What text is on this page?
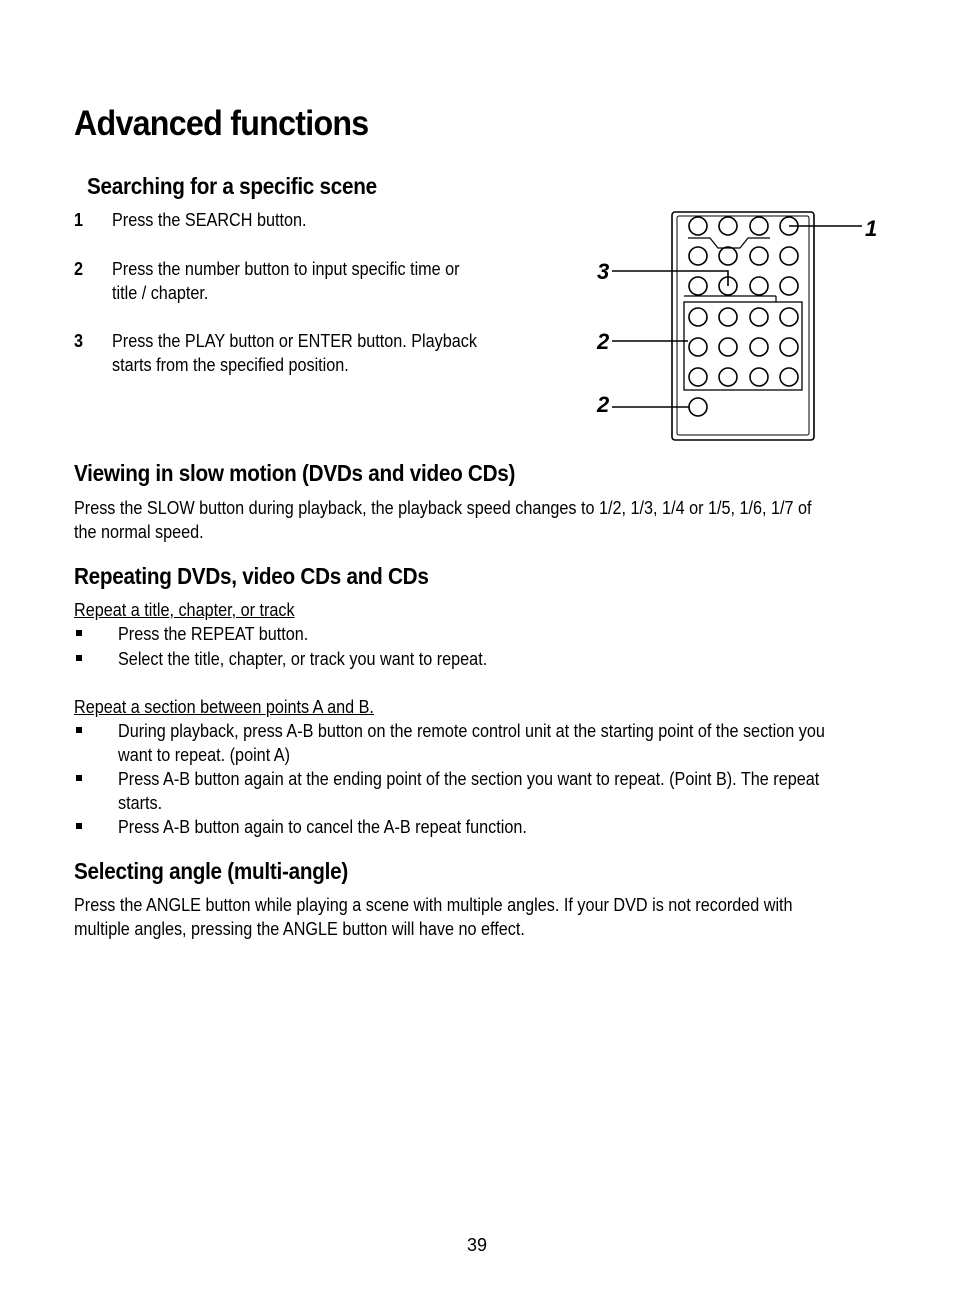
Advanced functions
Searching for a specific scene
1 Press the SEARCH button.
2 Press the number button to input specific time or
title / chapter.
3 Press the PLAY button or ENTER button. Playback
starts from the specified position.
1
3
2
2
Viewing in slow motion (DVDs and video CDs)
Press the SLOW button during playback, the playback speed changes to 1/2, 1/3, 1/4 or 1/5, 1/6, 1/7 of
the normal speed.
Repeating DVDs, video CDs and CDs
Repeat a title, chapter, or track
Press the REPEAT button.
Select the title, chapter, or track you want to repeat.
Repeat a section between points A and B.
During playback, press A-B button on the remote control unit at the starting point of the section you
want to repeat. (point A)
Press A-B button again at the ending point of the section you want to repeat. (Point B). The repeat
starts.
Press A-B button again to cancel the A-B repeat function.
Selecting angle (multi-angle)
Press the ANGLE button while playing a scene with multiple angles. If your DVD is not recorded with
multiple angles, pressing the ANGLE button will have no effect.
39
